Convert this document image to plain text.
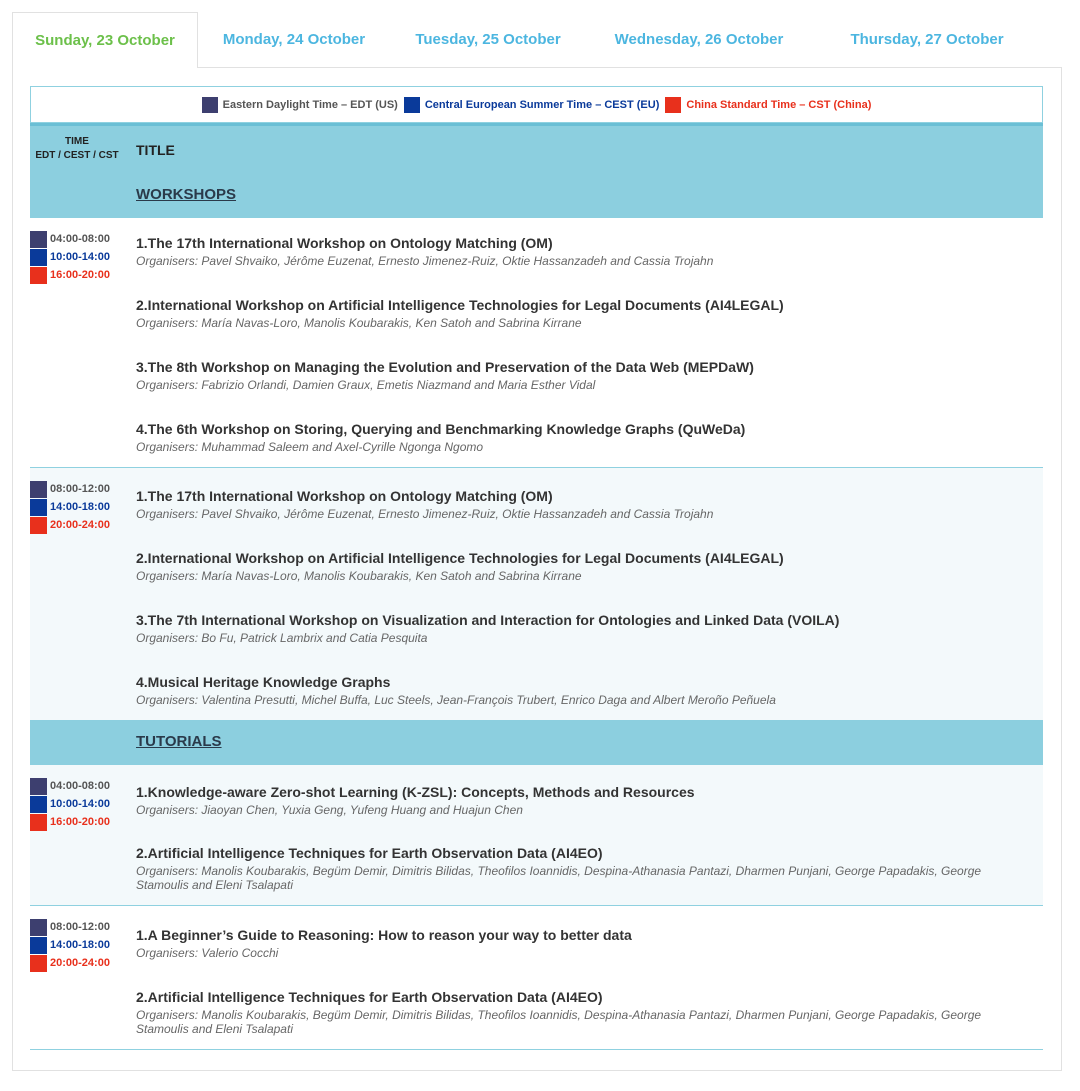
Sunday, 23 October	Monday, 24 October	Tuesday, 25 October	Wednesday, 26 October	Thursday, 27 October
Eastern Daylight Time – EDT (US) Central European Summer Time – CEST (EU) China Standard Time – CST (China)
TIME
EDT / CEST / CST	TITLE
WORKSHOPS
04:00-08:00
10:00-14:00
16:00-20:00
1.The 17th International Workshop on Ontology Matching (OM)
Organisers: Pavel Shvaiko, Jérôme Euzenat, Ernesto Jimenez-Ruiz, Oktie Hassanzadeh and Cassia Trojahn
2.International Workshop on Artificial Intelligence Technologies for Legal Documents (AI4LEGAL)
Organisers: María Navas-Loro, Manolis Koubarakis, Ken Satoh and Sabrina Kirrane
3.The 8th Workshop on Managing the Evolution and Preservation of the Data Web (MEPDaW)
Organisers: Fabrizio Orlandi, Damien Graux, Emetis Niazmand and Maria Esther Vidal
4.The 6th Workshop on Storing, Querying and Benchmarking Knowledge Graphs (QuWeDa)
Organisers: Muhammad Saleem and Axel-Cyrille Ngonga Ngomo
08:00-12:00
14:00-18:00
20:00-24:00
1.The 17th International Workshop on Ontology Matching (OM)
Organisers: Pavel Shvaiko, Jérôme Euzenat, Ernesto Jimenez-Ruiz, Oktie Hassanzadeh and Cassia Trojahn
2.International Workshop on Artificial Intelligence Technologies for Legal Documents (AI4LEGAL)
Organisers: María Navas-Loro, Manolis Koubarakis, Ken Satoh and Sabrina Kirrane
3.The 7th International Workshop on Visualization and Interaction for Ontologies and Linked Data (VOILA)
Organisers: Bo Fu, Patrick Lambrix and Catia Pesquita
4.Musical Heritage Knowledge Graphs
Organisers: Valentina Presutti, Michel Buffa, Luc Steels, Jean-François Trubert, Enrico Daga and Albert Meroño Peñuela
TUTORIALS
04:00-08:00
10:00-14:00
16:00-20:00
1.Knowledge-aware Zero-shot Learning (K-ZSL): Concepts, Methods and Resources
Organisers: Jiaoyan Chen, Yuxia Geng, Yufeng Huang and Huajun Chen
2.Artificial Intelligence Techniques for Earth Observation Data (AI4EO)
Organisers: Manolis Koubarakis, Begüm Demir, Dimitris Bilidas, Theofilos Ioannidis, Despina-Athanasia Pantazi, Dharmen Punjani, George Papadakis, George Stamoulis and Eleni Tsalapati
08:00-12:00
14:00-18:00
20:00-24:00
1.A Beginner’s Guide to Reasoning: How to reason your way to better data
Organisers: Valerio Cocchi
2.Artificial Intelligence Techniques for Earth Observation Data (AI4EO)
Organisers: Manolis Koubarakis, Begüm Demir, Dimitris Bilidas, Theofilos Ioannidis, Despina-Athanasia Pantazi, Dharmen Punjani, George Papadakis, George Stamoulis and Eleni Tsalapati
